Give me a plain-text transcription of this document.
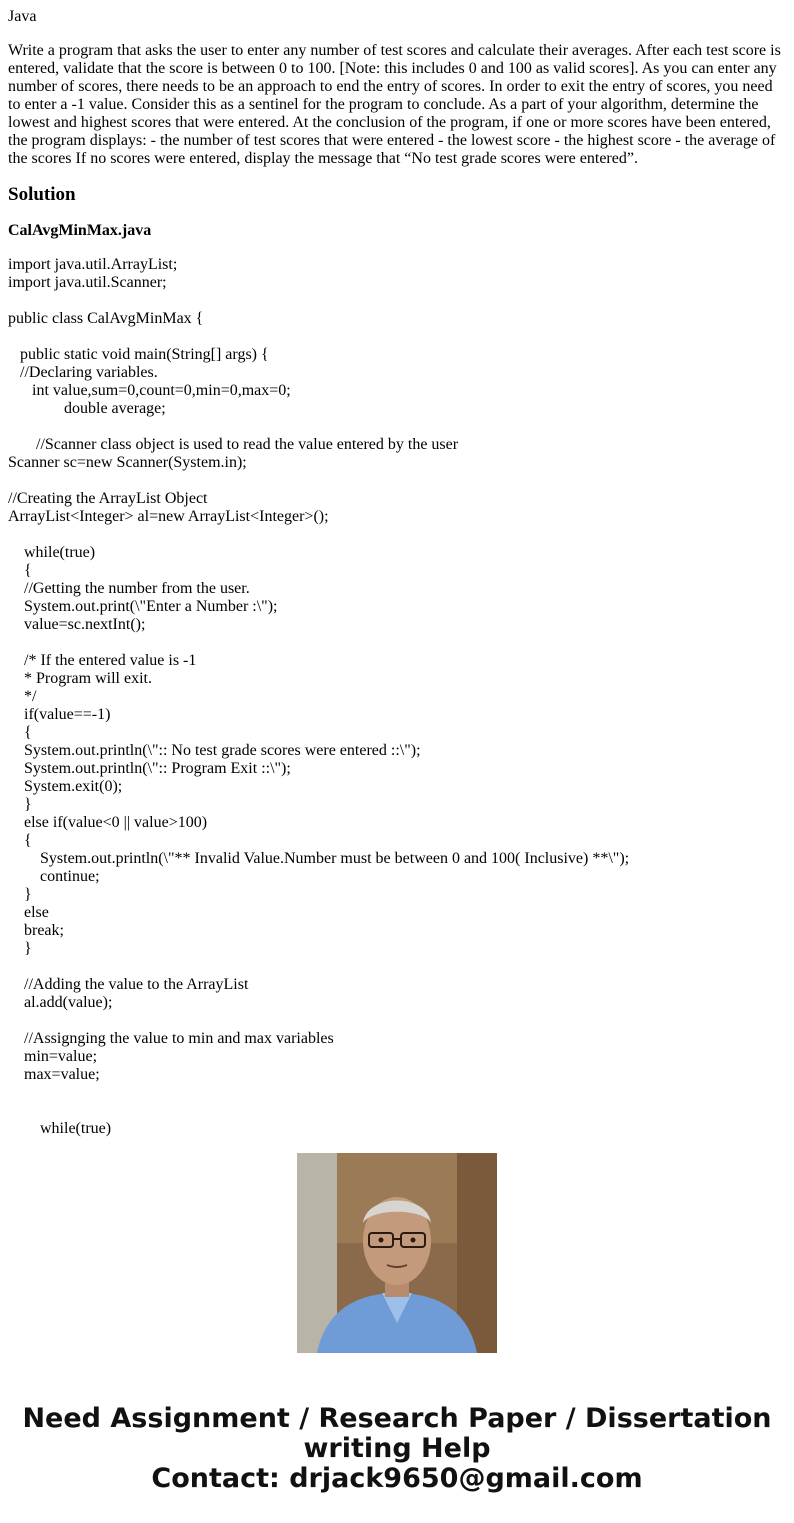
Java
Write a program that asks the user to enter any number of test scores and calculate their averages. After each test score is entered, validate that the score is between 0 to 100. [Note: this includes 0 and 100 as valid scores]. As you can enter any number of scores, there needs to be an approach to end the entry of scores. In order to exit the entry of scores, you need to enter a -1 value. Consider this as a sentinel for the program to conclude. As a part of your algorithm, determine the lowest and highest scores that were entered. At the conclusion of the program, if one or more scores have been entered, the program displays: - the number of test scores that were entered - the lowest score - the highest score - the average of the scores If no scores were entered, display the message that “No test grade scores were entered”.
Solution
CalAvgMinMax.java
import java.util.ArrayList;
import java.util.Scanner;

public class CalAvgMinMax {

public static void main(String[] args) {
//Declaring variables.
int value,sum=0,count=0,min=0,max=0;
double average;

//Scanner class object is used to read the value entered by the user
Scanner sc=new Scanner(System.in);

//Creating the ArrayList Object
ArrayList<Integer> al=new ArrayList<Integer>();

while(true)
{
//Getting the number from the user.
System.out.print(\"Enter a Number :\");
value=sc.nextInt();

/* If the entered value is -1
* Program will exit.
*/
if(value==-1)
{
System.out.println(\":: No test grade scores were entered ::\");
System.out.println(\":: Program Exit ::\");
System.exit(0);
}
else if(value<0 || value>100)
{
System.out.println(\"** Invalid Value.Number must be between 0 and 100( Inclusive) **\");
continue;
}
else
break;
}

//Adding the value to the ArrayList
al.add(value);

//Assignging the value to min and max variables
min=value;
max=value;

while(true)
Need Assignment / Research Paper / Dissertation
writing Help
Contact: drjack9650@gmail.com
